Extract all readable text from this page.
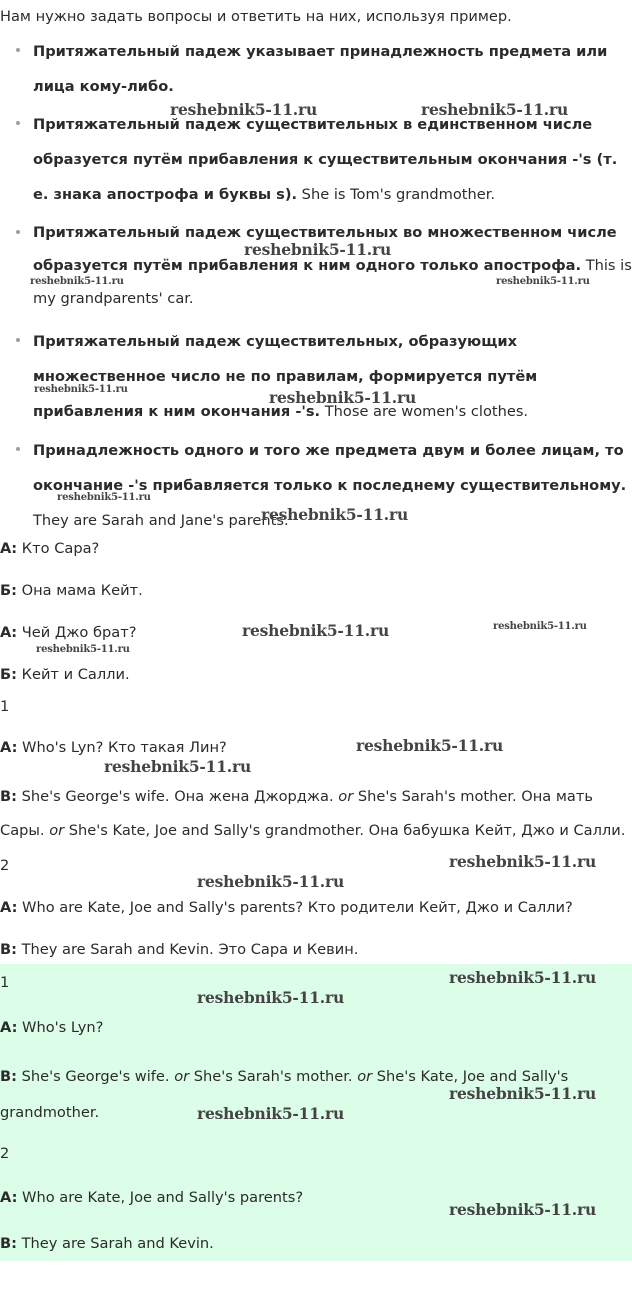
Нам нужно задать вопросы и ответить на них, используя пример.
Притяжательный падеж указывает принадлежность предмета или лица кому-либо.
Притяжательный падеж существительных в единственном числе образуется путём прибавления к существительным окончания -'s (т. е. знака апострофа и буквы s). She is Tom's grandmother.
Притяжательный падеж существительных во множественном числе образуется путём прибавления к ним одного только апострофа. This is my grandparents' car.
Притяжательный падеж существительных, образующих множественное число не по правилам, формируется путём прибавления к ним окончания -'s. Those are women's clothes.
Принадлежность одного и того же предмета двум и более лицам, то окончание -'s прибавляется только к последнему существительному. They are Sarah and Jane's parents.
А: Кто Сара?
Б: Она мама Кейт.
А: Чей Джо брат?
Б: Кейт и Салли.
1
A: Who's Lyn? Кто такая Лин?
B: She's George's wife. Она жена Джорджа. or She's Sarah's mother. Она мать Сары. or She's Kate, Joe and Sally's grandmother. Она бабушка Кейт, Джо и Салли.
2
A: Who are Kate, Joe and Sally's parents? Кто родители Кейт, Джо и Салли?
B: They are Sarah and Kevin. Это Сара и Кевин.
1
A: Who's Lyn?
B: She's George's wife. or She's Sarah's mother. or She's Kate, Joe and Sally's grandmother.
2
A: Who are Kate, Joe and Sally's parents?
B: They are Sarah and Kevin.
reshebnik5-11.ru	reshebnik5-11.ru
reshebnik5-11.ru
reshebnik5-11.ru	reshebnik5-11.ru
reshebnik5-11.ru	reshebnik5-11.ru
reshebnik5-11.ru
reshebnik5-11.ru
reshebnik5-11.ru	reshebnik5-11.ru
reshebnik5-11.ru
reshebnik5-11.ru
reshebnik5-11.ru
reshebnik5-11.ru
reshebnik5-11.ru
reshebnik5-11.ru
reshebnik5-11.ru
reshebnik5-11.ru
reshebnik5-11.ru
reshebnik5-11.ru
